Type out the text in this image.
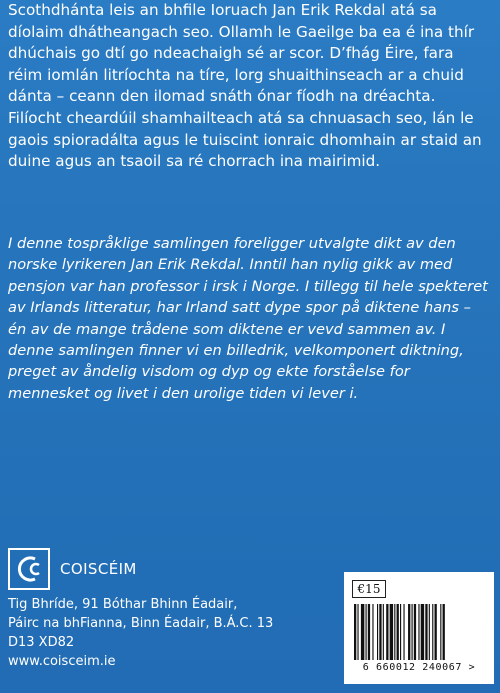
Scothdhánta leis an bhfile Ioruach Jan Erik Rekdal atá sa díolaim dhátheangach seo. Ollamh le Gaeilge ba ea é ina thír dhúchais go dtí go ndeachaigh sé ar scor. D’fhág Éire, fara réim iomlán litríochta na tíre, lorg shuaithinseach ar a chuid dánta – ceann den ilomad snáth ónar fíodh na dréachta. Filíocht cheardúil shamhailteach atá sa chnuasach seo, lán le gaois spioradálta agus le tuiscint ionraic dhomhain ar staid an duine agus an tsaoil sa ré chorrach ina mairimid.

I denne tospråklige samlingen foreligger utvalgte dikt av den norske lyrikeren Jan Erik Rekdal. Inntil han nylig gikk av med pensjon var han professor i irsk i Norge. I tillegg til hele spekteret av Irlands litteratur, har Irland satt dype spor på diktene hans – én av de mange trådene som diktene er vevd sammen av. I denne samlingen finner vi en billedrik, velkomponert diktning, preget av åndelig visdom og dyp og ekte forståelse for mennesket og livet i den urolige tiden vi lever i.

COISCÉIM
Tig Bhríde, 91 Bóthar Bhinn Éadair,
Páirc na bhFianna, Binn Éadair, B.Á.C. 13
D13 XD82
www.coisceim.ie
€15
6 660012 240067 >
